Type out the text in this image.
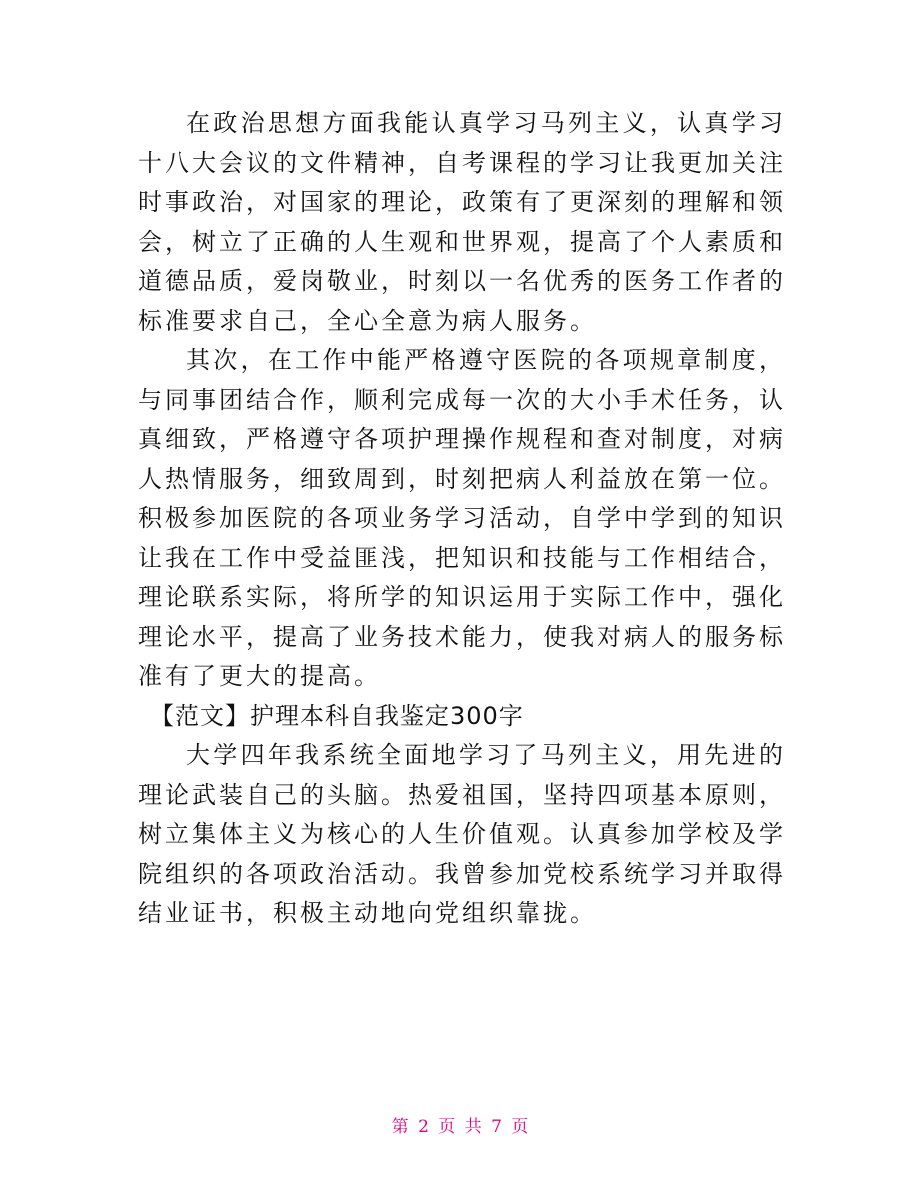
在政治思想方面我能认真学习马列主义，认真学习十八大会议的文件精神，自考课程的学习让我更加关注时事政治，对国家的理论，政策有了更深刻的理解和领会，树立了正确的人生观和世界观，提高了个人素质和道德品质，爱岗敬业，时刻以一名优秀的医务工作者的标准要求自己，全心全意为病人服务。

其次，在工作中能严格遵守医院的各项规章制度，与同事团结合作，顺利完成每一次的大小手术任务，认真细致，严格遵守各项护理操作规程和查对制度，对病人热情服务，细致周到，时刻把病人利益放在第一位。积极参加医院的各项业务学习活动，自学中学到的知识让我在工作中受益匪浅，把知识和技能与工作相结合，理论联系实际，将所学的知识运用于实际工作中，强化理论水平，提高了业务技术能力，使我对病人的服务标准有了更大的提高。

【范文】护理本科自我鉴定300字

大学四年我系统全面地学习了马列主义，用先进的理论武装自己的头脑。热爱祖国，坚持四项基本原则，树立集体主义为核心的人生价值观。认真参加学校及学院组织的各项政治活动。我曾参加党校系统学习并取得结业证书，积极主动地向党组织靠拢。

第 2 页 共 7 页
